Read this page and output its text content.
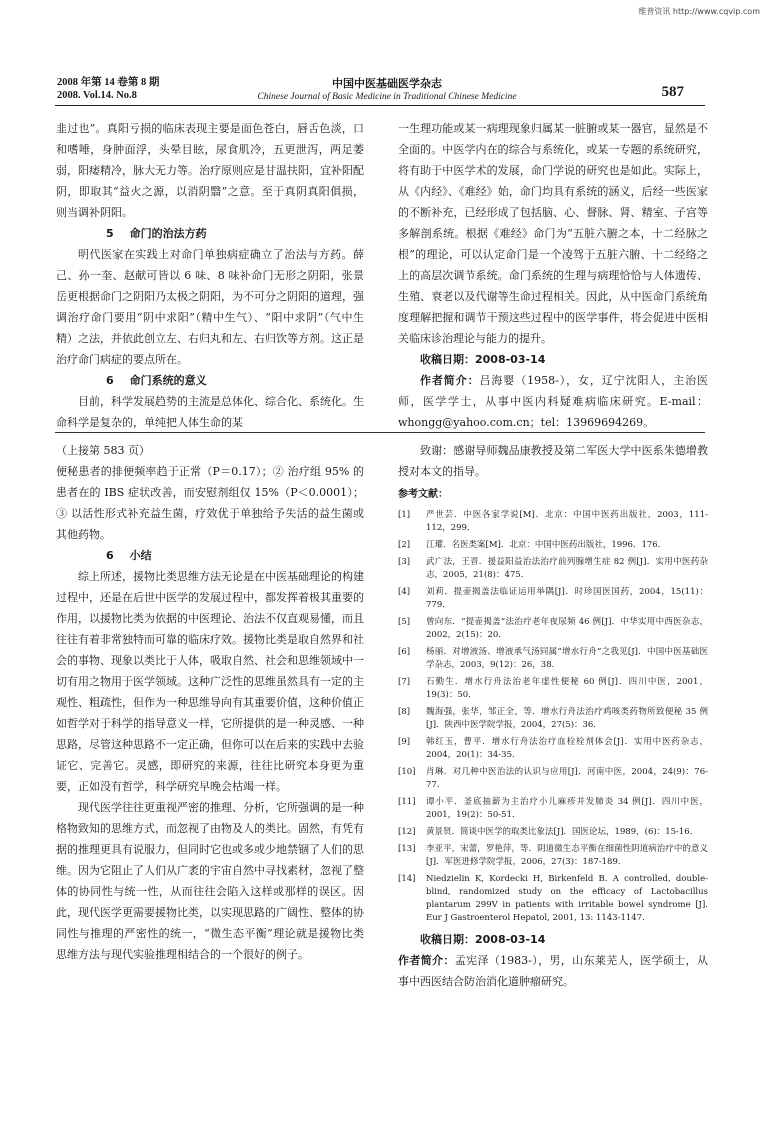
维普资讯 http://www.cqvip.com
2008 年第 14 卷第 8 期
2008. Vol.14. No.8
中国中医基础医学杂志
Chinese Journal of Basic Medicine in Traditional Chinese Medicine	587

韭过也”。真阳亏损的临床表现主要是面色苍白，唇舌色淡，口和嗜唾，身肿面浮，头晕目眩，尿食肌冷，五更泄泻，两足萎弱，阳痿精冷，脉大无力等。治疗原则应是甘温扶阳，宜补阳配阴，即取其“益火之源，以消阴翳”之意。至于真阴真阳俱损，则当调补阴阳。

5 命门的治法方药

明代医家在实践上对命门单独病症确立了治法与方药。薛己、孙一奎、赵献可皆以 6 味、8 味补命门无形之阴阳，张景岳更根据命门之阴阳乃太极之阴阳，为不可分之阴阳的道理，强调治疗命门要用“阴中求阳”（精中生气）、“阳中求阴”（气中生精）之法，并依此创立左、右归丸和左、右归饮等方剂。这正是治疗命门病症的要点所在。

6 命门系统的意义

目前，科学发展趋势的主流是总体化、综合化、系统化。生命科学是复杂的，单纯把人体生命的某

一生理功能或某一病理现象归属某一脏腑或某一器官，显然是不全面的。中医学内在的综合与系统化，或某一专题的系统研究，将有助于中医学术的发展，命门学说的研究也是如此。实际上，从《内经》、《难经》始，命门均具有系统的涵义，后经一些医家的不断补充，已经形成了包括脑、心、督脉、肾、精室、子宫等多解剖系统。根据《难经》命门为“五脏六腑之本，十二经脉之根”的理论，可以认定命门是一个凌驾于五脏六腑、十二经络之上的高层次调节系统。命门系统的生理与病理恰恰与人体遗传、生殖、衰老以及代谢等生命过程相关。因此，从中医命门系统角度理解把握和调节干预这些过程中的医学事件，将会促进中医相关临床诊治理论与能力的提升。

收稿日期：2008-03-14

作者简介：吕海婴（1958-），女，辽宁沈阳人，主治医师，医学学士，从事中医内科疑难病临床研究。E-mail：whongg@yahoo.com.cn；tel：13969694269。

（上接第 583 页）

便秘患者的排便频率趋于正常（P＝0.17）；② 治疗组 95% 的患者在的 IBS 症状改善，而安慰剂组仅 15%（P＜0.0001）；③ 以活性形式补充益生菌，疗效优于单独给予失活的益生菌或其他药物。

6 小结

综上所述，援物比类思维方法无论是在中医基础理论的构建过程中，还是在后世中医学的发展过程中，都发挥着极其重要的作用，以援物比类为依据的中医理论、治法不仅直观易懂，而且往往有着非常独特而可靠的临床疗效。援物比类是取自然界和社会的事物、现象以类比于人体，吸取自然、社会和思维领域中一切有用之物用于医学领域。这种广泛性的思维虽然具有一定的主观性、粗疏性，但作为一种思维导向有其重要价值，这种价值正如哲学对于科学的指导意义一样，它所提供的是一种灵感、一种思路，尽管这种思路不一定正确，但你可以在后来的实践中去验证它、完善它。灵感，即研究的来源，往往比研究本身更为重要，正如没有哲学，科学研究早晚会枯竭一样。

现代医学往往更重视严密的推理、分析，它所强调的是一种格物致知的思维方式，而忽视了由物及人的类比。固然，有凭有据的推理更具有说服力，但同时它也或多或少地禁锢了人们的思维。因为它阻止了人们从广袤的宇宙自然中寻找素材，忽视了整体的协同性与统一性，从而往往会陷入这样或那样的误区。因此，现代医学更需要援物比类，以实现思路的广阔性、整体的协同性与推理的严密性的统一，“微生态平衡”理论就是援物比类思维方法与现代实验推理相结合的一个很好的例子。

致谢：感谢导师魏品康教授及第二军医大学中医系朱德增教授对本文的指导。

参考文献：
[1]	严世芸．中医各家学说[M]．北京：中国中医药出版社，2003，111-112，299．
[2]	江瓘．名医类案[M]．北京：中国中医药出版社，1996．176．
[3]	武广法，王晋．援益阳益治法治疗前列腺增生症 82 例[J]．实用中医药杂志，2005，21(8)：475．
[4]	刘莉．提壶揭盖法临证运用举隅[J]．时珍国医国药，2004，15(11)：779．
[5]	曾向东．“提壶揭盖”法治疗老年夜尿频 46 例[J]．中华实用中西医杂志，2002，2(15)：20．
[6]	杨丽．对增液汤、增液承气汤同属“增水行舟”之我见[J]．中国中医基础医学杂志，2003，9(12)：26，38．
[7]	石勤生．增水行舟法治老年虚性便秘 60 例[J]．四川中医，2001，19(3)：50．
[8]	魏海强，张华，邹正全，等．增水行舟法治疗鸡咳类药物所致便秘 35 例[J]．陕西中医学院学报，2004，27(5)：36．
[9]	韩红玉，曹平．增水行舟法治疗血栓栓剂体会[J]．实用中医药杂志，2004，20(1)：34-35．
[10]	肖琳．对几种中医治法的认识与应用[J]．河南中医，2004，24(9)：76-77．
[11]	谭小平．釜底抽薪为主治疗小儿麻疹并发肺炎 34 例[J]．四川中医，2001，19(2)：50-51．
[12]	黄景贤．简谈中医学的取类比象法[J]．国医论坛，1989，(6)：15-16．
[13]	李亚平，宋蕾，罗艳萍，等．阴道微生态平衡在细菌性阴道病治疗中的意义[J]．军医进修学院学报，2006，27(3)：187-189．
[14]	Niedzielin K, Kordecki H, Birkenfeld B. A controlled, double-blind, randomized study on the efficacy of Lactobacillus plantarum 299V in patients with irritable bowel syndrome [J]. Eur J Gastroenterol Hepatol, 2001, 13: 1143-1147.

收稿日期：2008-03-14

作者简介：孟宪泽（1983-），男，山东莱芜人，医学硕士，从事中西医结合防治消化道肿瘤研究。
